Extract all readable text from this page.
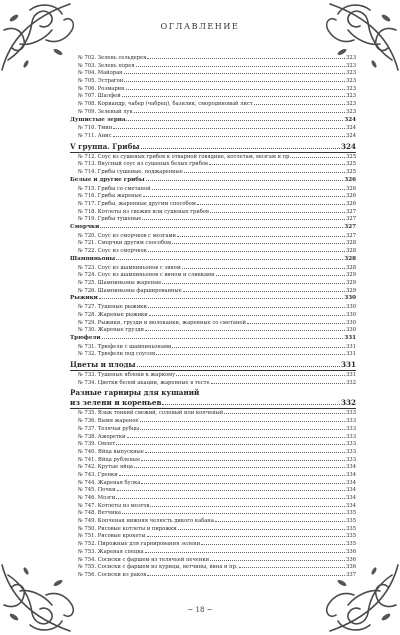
ОГЛАВЛЕНИЕ
№ 702.
Зелень сельдерея	323
№ 703.
Зелень порея	323
№ 704.
Майоран	323
№ 705.
Эстрагон	323
№ 706.
Розмарин	323
№ 707.
Шалфей	323
№ 708.
Кориандр, чабер (чабрец), базилик, смородиновый лист	323
№ 709.
Зеленый лук	323
Душистые зерна	324
№ 710.
Тмин	324
№ 711.
Анис	324
V группа. Грибы	324
№ 712.
Соус из сушеных грибов к отварной говядине, котлетам, мозгам и пр.	325
№ 713.
Вкусный соус из сушеных белых грибов	325
№ 714.
Грибы сушеные, поджаренные	325
Белые и другие грибы	326
№ 715.
Грибы со сметаной	326
№ 716.
Грибы жареные	326
№ 717.
Грибы, жаренные другим способом	326
№ 718.
Котлеты из свежих или сушеных грибов	327
№ 719.
Грибы тушеные	327
Сморчки	327
№ 720.
Соус из сморчков с мозгами	327
№ 721.
Сморчки другим способом	328
№ 722.
Соус из сморчков	328
Шампиньоны	328
№ 723.
Соус из шампиньонов с зивом	328
№ 724.
Соус из шампиньонов с вином и сливками	329
№ 725.
Шампиньоны жареные	329
№ 726.
Шампиньоны фаршированные	329
Рыжики	330
№ 727.
Тушеные рыжики	330
№ 728.
Жареные рыжики	330
№ 729.
Рыжики, грузди и молоканки, жаренные со сметаной	330
№ 730.
Жареные грузди	330
Трюфели	331
№ 731.
Трюфели с шампиньонами	331
№ 732.
Трюфели под соусом	331
Цветы и плоды	331
№ 733.
Тушеные яблоки к жаркому	331
№ 734.
Цветки белой акации, жаренные в тесте	332
Разные гарниры для кушаний
из зелени и кореньев	332
№ 735.
Язык тонкий свежий, соленый или копченый	333
№ 736.
Вымя жареное	333
№ 737.
Телячьи рубцы	333
№ 738.
Ажоретки	333
№ 739.
Омлет	333
№ 740.
Яйца выпускные	333
№ 741.
Яйца рубленые	333
№ 742.
Крутые яйца	334
№ 743.
Гренки	334
№ 744.
Жареная булка	334
№ 745.
Почки	334
№ 746.
Мозги	334
№ 747.
Котлеты из мозгов	334
№ 748.
Ветчина	335
№ 749.
Копченая нижняя челюсть дикого кабана	335
№ 750.
Рисовые котлеты и пирожки	335
№ 751.
Рисовые крокеты	335
№ 752.
Пирожные для гарнирования зелени	335
№ 753.
Жареная спецка	336
№ 754.
Сосиски с фаршем из телячьей печенки	336
№ 755.
Сосиски с фаршем из курицы, ветчины, вина и пр.	336
№ 756.
Сосиски из раков	337
~ 18 ~
